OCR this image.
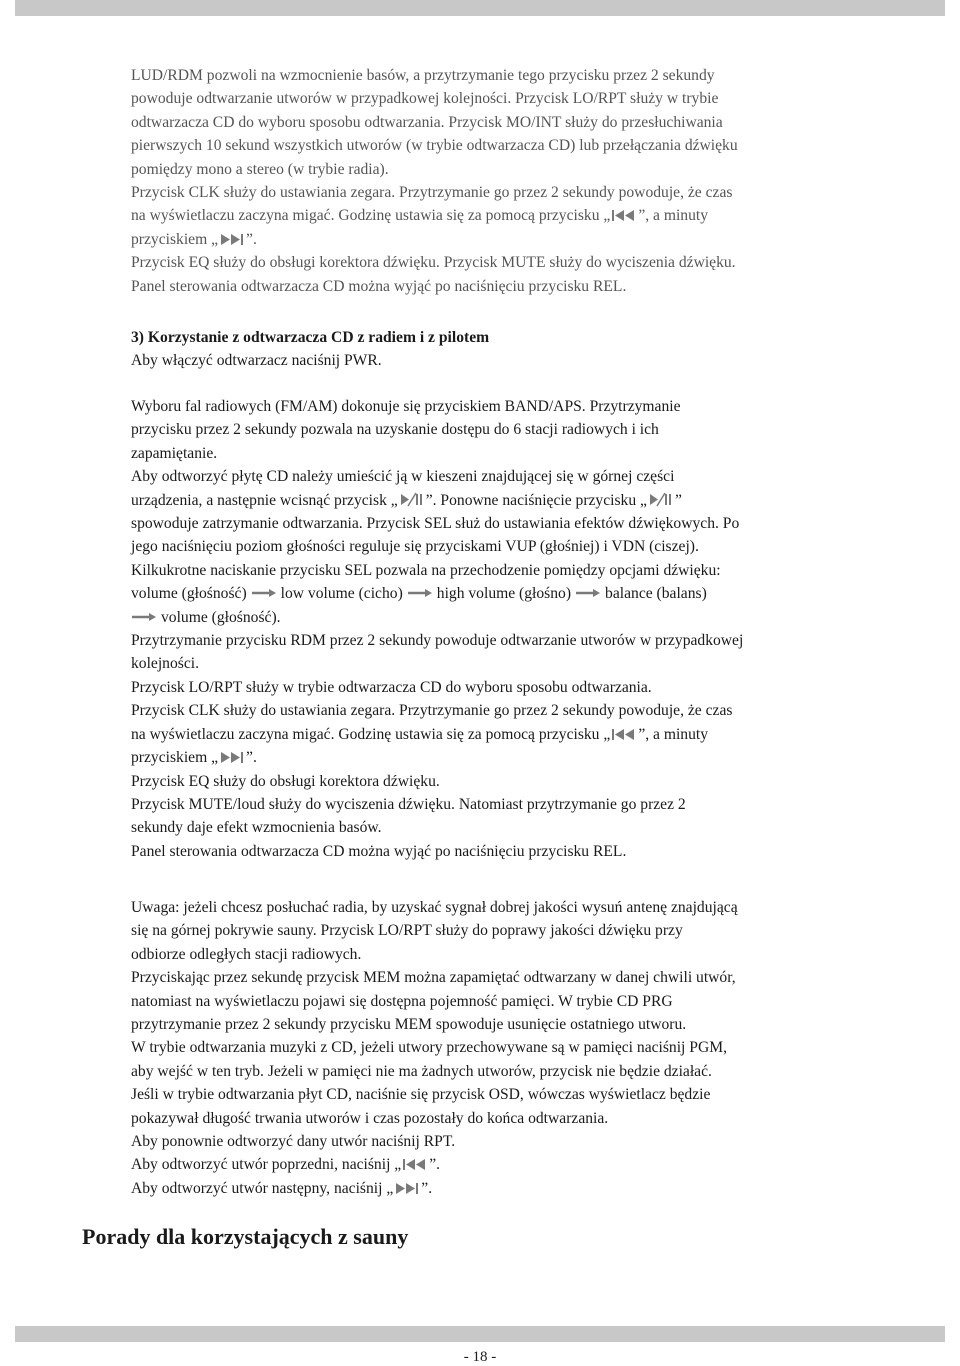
LUD/RDM pozwoli na wzmocnienie basów, a przytrzymanie tego przycisku przez 2 sekundy

powoduje odtwarzanie utworów w przypadkowej kolejności. Przycisk LO/RPT służy w trybie

odtwarzacza CD do wyboru sposobu odtwarzania. Przycisk MO/INT służy do przesłuchiwania

pierwszych 10 sekund wszystkich utworów (w trybie odtwarzacza CD) lub przełączania dźwięku

pomiędzy mono a stereo (w trybie radia).

Przycisk CLK służy do ustawiania zegara. Przytrzymanie go przez 2 sekundy powoduje, że czas

na wyświetlaczu zaczyna migać. Godzinę ustawia się za pomocą przycisku „ ”, a minuty

przyciskiem „ ”.

Przycisk EQ służy do obsługi korektora dźwięku. Przycisk MUTE służy do wyciszenia dźwięku.

Panel sterowania odtwarzacza CD można wyjąć po naciśnięciu przycisku REL.

3) Korzystanie z odtwarzacza CD z radiem i z pilotem

Aby włączyć odtwarzacz naciśnij PWR.

Wyboru fal radiowych (FM/AM) dokonuje się przyciskiem BAND/APS. Przytrzymanie

przycisku przez 2 sekundy pozwala na uzyskanie dostępu do 6 stacji radiowych i ich

zapamiętanie.

Aby odtworzyć płytę CD należy umieścić ją w kieszeni znajdującej się w górnej części

urządzenia, a następnie wcisnąć przycisk „ ”. Ponowne naciśnięcie przycisku „ ”

spowoduje zatrzymanie odtwarzania. Przycisk SEL służ do ustawiania efektów dźwiękowych. Po

jego naciśnięciu poziom głośności reguluje się przyciskami VUP (głośniej) i VDN (ciszej).

Kilkukrotne naciskanie przycisku SEL pozwala na przechodzenie pomiędzy opcjami dźwięku:

volume (głośność) low volume (cicho) high volume (głośno) balance (balans)

volume (głośność).

Przytrzymanie przycisku RDM przez 2 sekundy powoduje odtwarzanie utworów w przypadkowej

kolejności.

Przycisk LO/RPT służy w trybie odtwarzacza CD do wyboru sposobu odtwarzania.

Przycisk CLK służy do ustawiania zegara. Przytrzymanie go przez 2 sekundy powoduje, że czas

na wyświetlaczu zaczyna migać. Godzinę ustawia się za pomocą przycisku „ ”, a minuty

przyciskiem „ ”.

Przycisk EQ służy do obsługi korektora dźwięku.

Przycisk MUTE/loud służy do wyciszenia dźwięku. Natomiast przytrzymanie go przez 2

sekundy daje efekt wzmocnienia basów.

Panel sterowania odtwarzacza CD można wyjąć po naciśnięciu przycisku REL.

Uwaga: jeżeli chcesz posłuchać radia, by uzyskać sygnał dobrej jakości wysuń antenę znajdującą

się na górnej pokrywie sauny. Przycisk LO/RPT służy do poprawy jakości dźwięku przy

odbiorze odległych stacji radiowych.

Przyciskając przez sekundę przycisk MEM można zapamiętać odtwarzany w danej chwili utwór,

natomiast na wyświetlaczu pojawi się dostępna pojemność pamięci. W trybie CD PRG

przytrzymanie przez 2 sekundy przycisku MEM spowoduje usunięcie ostatniego utworu.

W trybie odtwarzania muzyki z CD, jeżeli utwory przechowywane są w pamięci naciśnij PGM,

aby wejść w ten tryb. Jeżeli w pamięci nie ma żadnych utworów, przycisk nie będzie działać.

Jeśli w trybie odtwarzania płyt CD, naciśnie się przycisk OSD, wówczas wyświetlacz będzie

pokazywał długość trwania utworów i czas pozostały do końca odtwarzania.

Aby ponownie odtworzyć dany utwór naciśnij RPT.

Aby odtworzyć utwór poprzedni, naciśnij „ ”.

Aby odtworzyć utwór następny, naciśnij „ ”.

Porady dla korzystających z sauny
- 18 -
